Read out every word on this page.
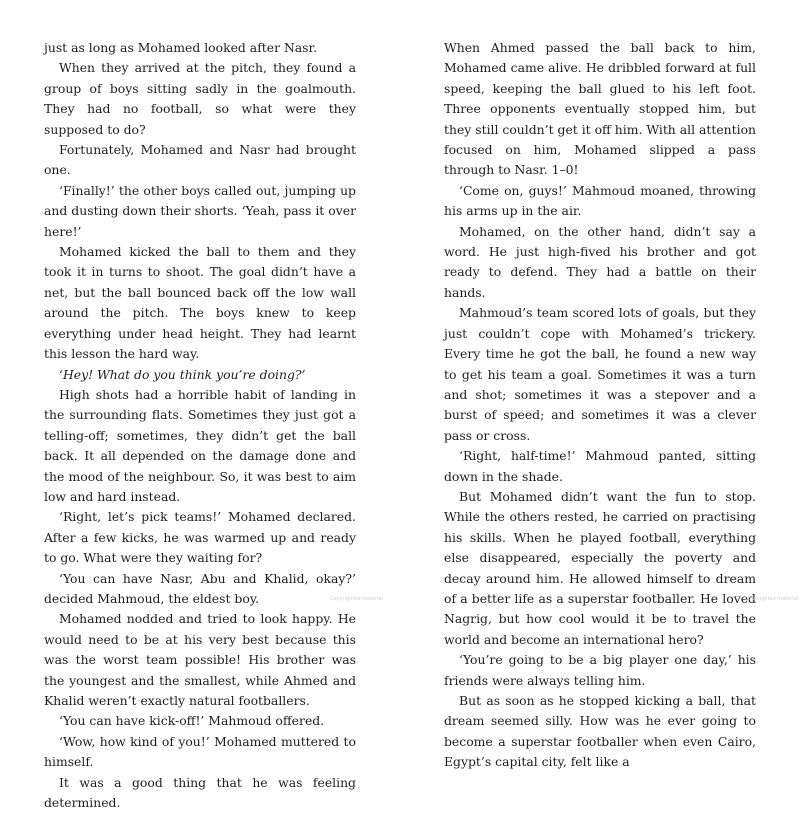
just as long as Mohamed looked after Nasr.

When they arrived at the pitch, they found a group of boys sitting sadly in the goalmouth. They had no football, so what were they supposed to do?

Fortunately, Mohamed and Nasr had brought one.

‘Finally!’ the other boys called out, jumping up and dusting down their shorts. ‘Yeah, pass it over here!’

Mohamed kicked the ball to them and they took it in turns to shoot. The goal didn’t have a net, but the ball bounced back off the low wall around the pitch. The boys knew to keep everything under head height. They had learnt this lesson the hard way.

‘Hey! What do you think you’re doing?’

High shots had a horrible habit of landing in the surrounding flats. Sometimes they just got a telling-off; sometimes, they didn’t get the ball back. It all depended on the damage done and the mood of the neighbour. So, it was best to aim low and hard instead.

‘Right, let’s pick teams!’ Mohamed declared. After a few kicks, he was warmed up and ready to go. What were they waiting for?

‘You can have Nasr, Abu and Khalid, okay?’ decided Mahmoud, the eldest boy.

Mohamed nodded and tried to look happy. He would need to be at his very best because this was the worst team possible! His brother was the youngest and the smallest, while Ahmed and Khalid weren’t exactly natural footballers.

‘You can have kick-off!’ Mahmoud offered.

‘Wow, how kind of you!’ Mohamed muttered to himself.

It was a good thing that he was feeling determined.

When Ahmed passed the ball back to him, Mohamed came alive. He dribbled forward at full speed, keeping the ball glued to his left foot. Three opponents eventually stopped him, but they still couldn’t get it off him. With all attention focused on him, Mohamed slipped a pass through to Nasr. 1–0!

‘Come on, guys!’ Mahmoud moaned, throwing his arms up in the air.

Mohamed, on the other hand, didn’t say a word. He just high-fived his brother and got ready to defend. They had a battle on their hands.

Mahmoud’s team scored lots of goals, but they just couldn’t cope with Mohamed’s trickery. Every time he got the ball, he found a new way to get his team a goal. Sometimes it was a turn and shot; sometimes it was a stepover and a burst of speed; and sometimes it was a clever pass or cross.

‘Right, half-time!’ Mahmoud panted, sitting down in the shade.

But Mohamed didn’t want the fun to stop. While the others rested, he carried on practising his skills. When he played football, everything else disappeared, especially the poverty and decay around him. He allowed himself to dream of a better life as a superstar footballer. He loved Nagrig, but how cool would it be to travel the world and become an international hero?

‘You’re going to be a big player one day,’ his friends were always telling him.

But as soon as he stopped kicking a ball, that dream seemed silly. How was he ever going to become a superstar footballer when even Cairo, Egypt’s capital city, felt like a

Copyrighted material	Copyrighted material
